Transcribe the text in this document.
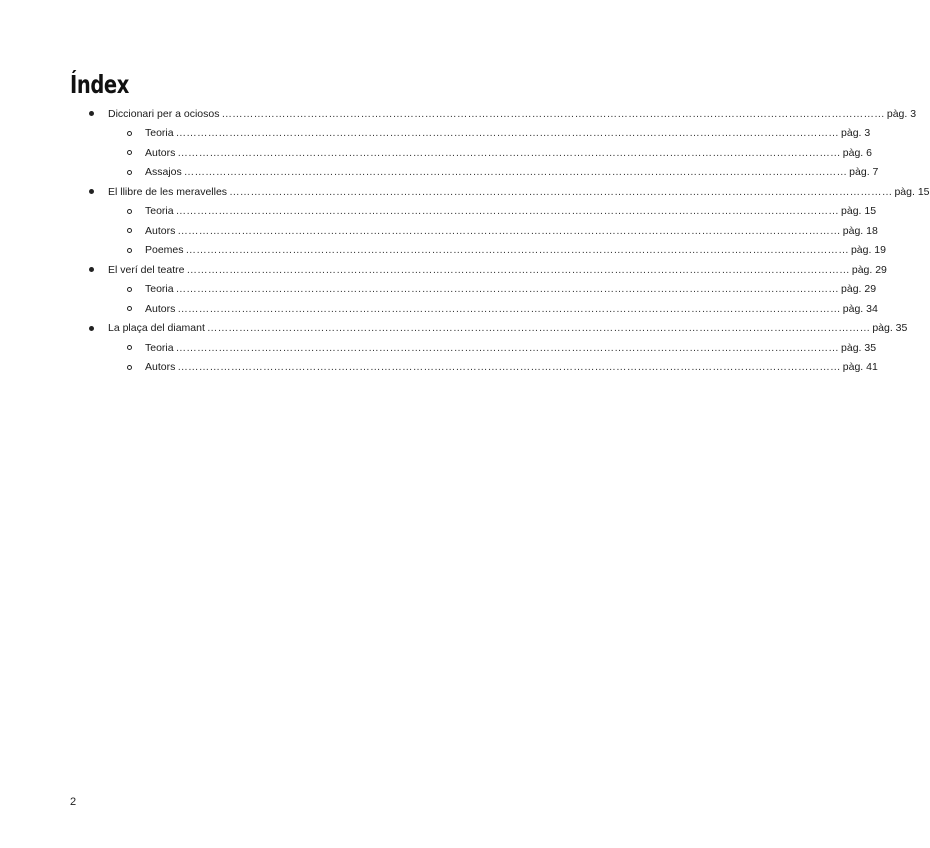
Índex
Diccionari per a ociosos …………………………………………………………………………………………………………………………………………………………………… pàg. 3
Teoria …………………………………………………………………………………………………………………………………………………………………… pàg. 3
Autors …………………………………………………………………………………………………………………………………………………………………… pàg. 6
Assajos …………………………………………………………………………………………………………………………………………………………………… pàg. 7
El llibre de les meravelles …………………………………………………………………………………………………………………………………………………………………… pàg. 15
Teoria …………………………………………………………………………………………………………………………………………………………………… pàg. 15
Autors …………………………………………………………………………………………………………………………………………………………………… pàg. 18
Poemes …………………………………………………………………………………………………………………………………………………………………… pàg. 19
El verí del teatre …………………………………………………………………………………………………………………………………………………………………… pàg. 29
Teoria …………………………………………………………………………………………………………………………………………………………………… pàg. 29
Autors …………………………………………………………………………………………………………………………………………………………………… pàg. 34
La plaça del diamant …………………………………………………………………………………………………………………………………………………………………… pàg. 35
Teoria …………………………………………………………………………………………………………………………………………………………………… pàg. 35
Autors …………………………………………………………………………………………………………………………………………………………………… pàg. 41
2
